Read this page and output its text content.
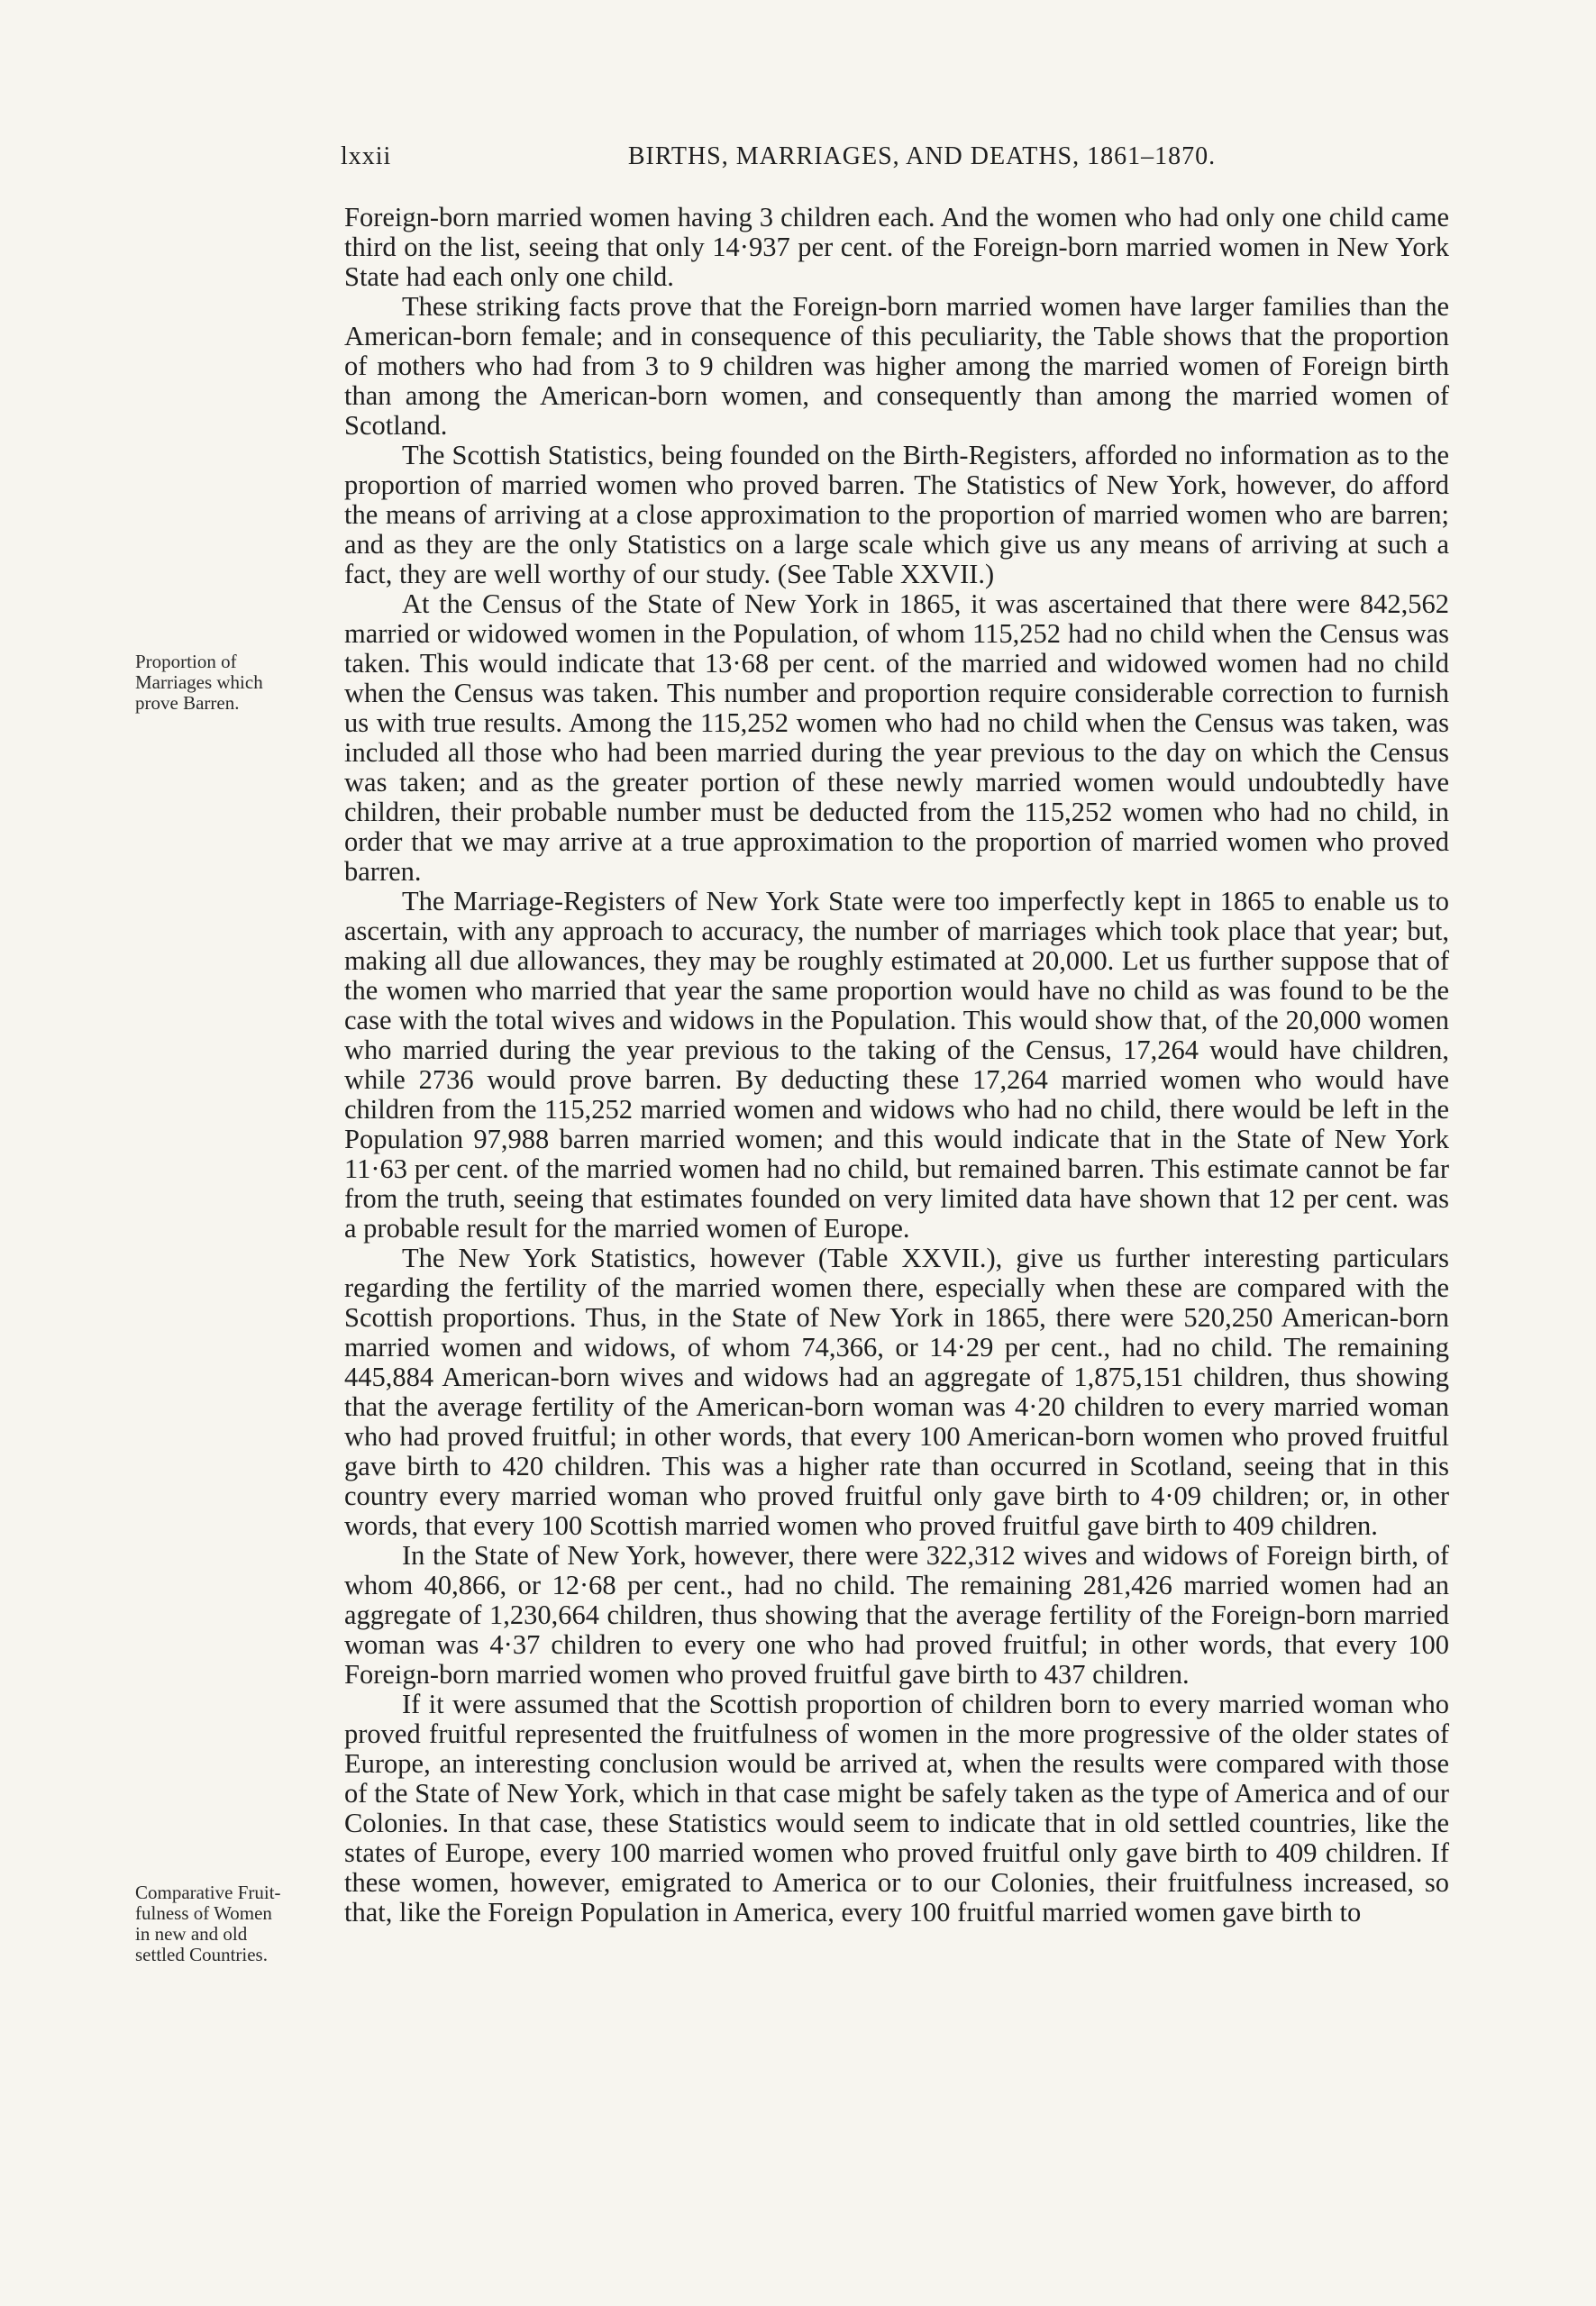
lxxii	BIRTHS, MARRIAGES, AND DEATHS, 1861–1870.
Proportion of
Marriages which
prove Barren.
Comparative Fruit-
fulness of Women
in new and old
settled Countries.

Foreign-born married women having 3 children each. And the women who had only one child came third on the list, seeing that only 14·937 per cent. of the Foreign-born married women in New York State had each only one child.

These striking facts prove that the Foreign-born married women have larger families than the American-born female; and in consequence of this peculiarity, the Table shows that the proportion of mothers who had from 3 to 9 children was higher among the married women of Foreign birth than among the American-born women, and consequently than among the married women of Scotland.

The Scottish Statistics, being founded on the Birth-Registers, afforded no information as to the proportion of married women who proved barren. The Statistics of New York, however, do afford the means of arriving at a close approximation to the proportion of married women who are barren; and as they are the only Statistics on a large scale which give us any means of arriving at such a fact, they are well worthy of our study. (See Table XXVII.)

At the Census of the State of New York in 1865, it was ascertained that there were 842,562 married or widowed women in the Population, of whom 115,252 had no child when the Census was taken. This would indicate that 13·68 per cent. of the married and widowed women had no child when the Census was taken. This number and proportion require considerable correction to furnish us with true results. Among the 115,252 women who had no child when the Census was taken, was included all those who had been married during the year previous to the day on which the Census was taken; and as the greater portion of these newly married women would undoubtedly have children, their probable number must be deducted from the 115,252 women who had no child, in order that we may arrive at a true approximation to the proportion of married women who proved barren.

The Marriage-Registers of New York State were too imperfectly kept in 1865 to enable us to ascertain, with any approach to accuracy, the number of marriages which took place that year; but, making all due allowances, they may be roughly estimated at 20,000. Let us further suppose that of the women who married that year the same proportion would have no child as was found to be the case with the total wives and widows in the Population. This would show that, of the 20,000 women who married during the year previous to the taking of the Census, 17,264 would have children, while 2736 would prove barren. By deducting these 17,264 married women who would have children from the 115,252 married women and widows who had no child, there would be left in the Population 97,988 barren married women; and this would indicate that in the State of New York 11·63 per cent. of the married women had no child, but remained barren. This estimate cannot be far from the truth, seeing that estimates founded on very limited data have shown that 12 per cent. was a probable result for the married women of Europe.

The New York Statistics, however (Table XXVII.), give us further interesting particulars regarding the fertility of the married women there, especially when these are compared with the Scottish proportions. Thus, in the State of New York in 1865, there were 520,250 American-born married women and widows, of whom 74,366, or 14·29 per cent., had no child. The remaining 445,884 American-born wives and widows had an aggregate of 1,875,151 children, thus showing that the average fertility of the American-born woman was 4·20 children to every married woman who had proved fruitful; in other words, that every 100 American-born women who proved fruitful gave birth to 420 children. This was a higher rate than occurred in Scotland, seeing that in this country every married woman who proved fruitful only gave birth to 4·09 children; or, in other words, that every 100 Scottish married women who proved fruitful gave birth to 409 children.

In the State of New York, however, there were 322,312 wives and widows of Foreign birth, of whom 40,866, or 12·68 per cent., had no child. The remaining 281,426 married women had an aggregate of 1,230,664 children, thus showing that the average fertility of the Foreign-born married woman was 4·37 children to every one who had proved fruitful; in other words, that every 100 Foreign-born married women who proved fruitful gave birth to 437 children.

If it were assumed that the Scottish proportion of children born to every married woman who proved fruitful represented the fruitfulness of women in the more progressive of the older states of Europe, an interesting conclusion would be arrived at, when the results were compared with those of the State of New York, which in that case might be safely taken as the type of America and of our Colonies. In that case, these Statistics would seem to indicate that in old settled countries, like the states of Europe, every 100 married women who proved fruitful only gave birth to 409 children. If these women, however, emigrated to America or to our Colonies, their fruitfulness increased, so that, like the Foreign Population in America, every 100 fruitful married women gave birth to
